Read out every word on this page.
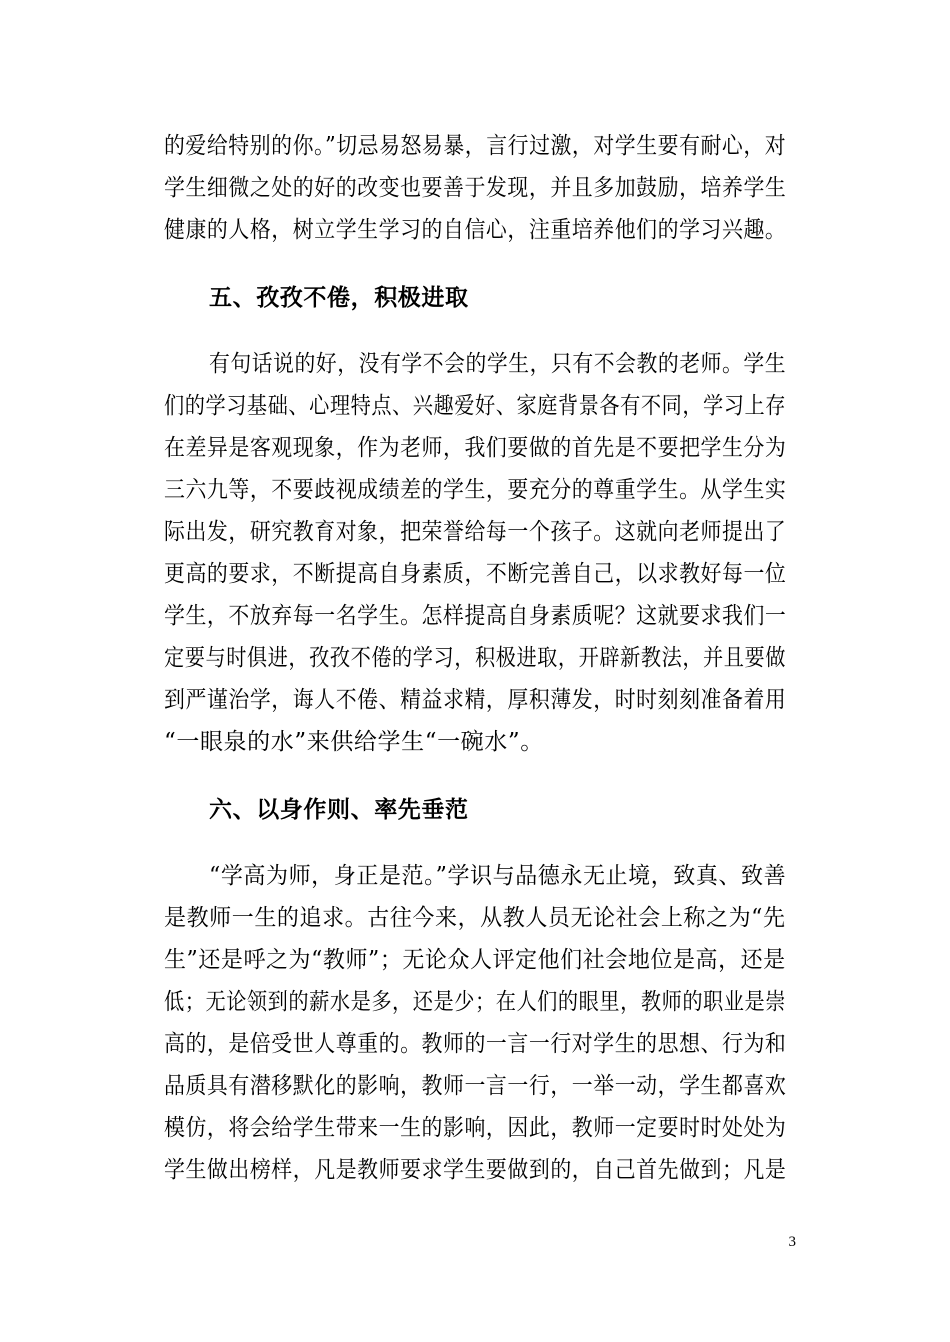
的爱给特别的你。”切忌易怒易暴，言行过激，对学生要有耐心，对
学生细微之处的好的改变也要善于发现，并且多加鼓励，培养学生
健康的人格，树立学生学习的自信心，注重培养他们的学习兴趣。
五、孜孜不倦，积极进取
有句话说的好，没有学不会的学生，只有不会教的老师。学生
们的学习基础、心理特点、兴趣爱好、家庭背景各有不同，学习上存
在差异是客观现象，作为老师，我们要做的首先是不要把学生分为
三六九等，不要歧视成绩差的学生，要充分的尊重学生。从学生实
际出发，研究教育对象，把荣誉给每一个孩子。这就向老师提出了
更高的要求，不断提高自身素质，不断完善自己，以求教好每一位
学生，不放弃每一名学生。怎样提高自身素质呢？这就要求我们一
定要与时俱进，孜孜不倦的学习，积极进取，开辟新教法，并且要做
到严谨治学，诲人不倦、精益求精，厚积薄发，时时刻刻准备着用
“一眼泉的水”来供给学生“一碗水”。
六、以身作则、率先垂范
“学高为师，身正是范。”学识与品德永无止境，致真、致善
是教师一生的追求。古往今来，从教人员无论社会上称之为“先
生”还是呼之为“教师”；无论众人评定他们社会地位是高，还是
低；无论领到的薪水是多，还是少；在人们的眼里，教师的职业是崇
高的，是倍受世人尊重的。教师的一言一行对学生的思想、行为和
品质具有潜移默化的影响，教师一言一行，一举一动，学生都喜欢
模仿，将会给学生带来一生的影响，因此，教师一定要时时处处为
学生做出榜样，凡是教师要求学生要做到的，自己首先做到；凡是
3
